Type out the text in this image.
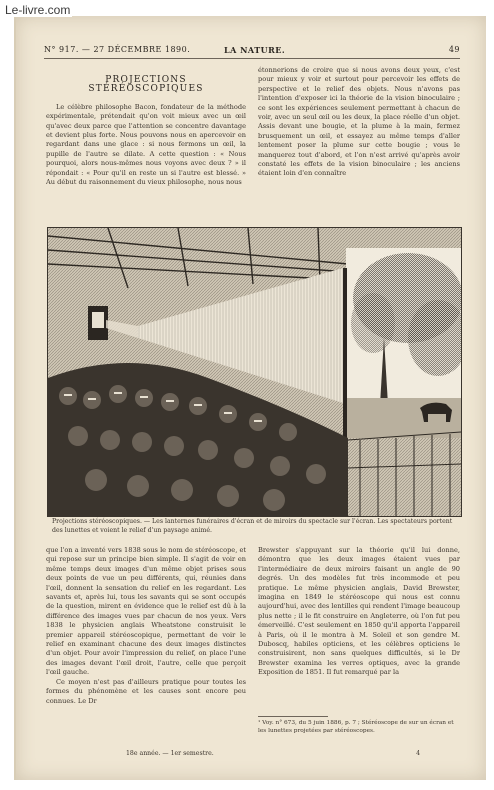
Le-livre.com
N° 917. — 27 DÉCEMBRE 1890.	LA NATURE.	49
PROJECTIONS STÉRÉOSCOPIQUES

Le célèbre philosophe Bacon, fondateur de la méthode expérimentale, prétendait qu'on voit mieux avec un œil qu'avec deux parce que l'attention se concentre davantage et devient plus forte. Nous pouvons nous en apercevoir en regardant dans une glace : si nous fermons un œil, la pupille de l'autre se dilate. A cette question : « Nous pourquoi, alors nous-mêmes nous voyons avec deux ? » il répondait : « Pour qu'il en reste un si l'autre est blessé. » Au début du raisonnement du vieux philosophe, nous nous

étonnerions de croire que si nous avons deux yeux, c'est pour mieux y voir et surtout pour percevoir les effets de perspective et le relief des objets. Nous n'avons pas l'intention d'exposer ici la théorie de la vision binoculaire ; ce sont les expériences seulement permettant à chacun de voir, avec un seul œil ou les deux, la place réelle d'un objet. Assis devant une bougie, et la plume à la main, fermez brusquement un œil, et essayez au même temps d'aller lentement poser la plume sur cette bougie ; vous le manquerez tout d'abord, et l'on n'est arrivé qu'après avoir constaté les effets de la vision binoculaire ; les anciens étaient loin d'en connaître

Projections stéréoscopiques. — Les lanternes funéraires d'écran et de miroirs du spectacle sur l'écran. Les spectateurs portent des lunettes et voient le relief d'un paysage animé.

que l'on a inventé vers 1838 sous le nom de stéréoscope, et qui repose sur un principe bien simple. Il s'agit de voir en même temps deux images d'un même objet prises sous deux points de vue un peu différents, qui, réunies dans l'œil, donnent la sensation du relief en les regardant. Les savants et, après lui, tous les savants qui se sont occupés de la question, mirent en évidence que le relief est dû à la différence des images vues par chacun de nos yeux. Vers 1838 le physicien anglais Wheatstone construisit le premier appareil stéréoscopique, permettant de voir le relief en examinant chacune des deux images distinctes d'un objet. Pour avoir l'impression du relief, on place l'une des images devant l'œil droit, l'autre, celle que perçoit l'œil gauche.

Ce moyen n'est pas d'ailleurs pratique pour toutes les formes du phénomène et les causes sont encore peu connues. Le Dr

Brewster s'appuyant sur la théorie qu'il lui donne, démontra que les deux images étaient vues par l'intermédiaire de deux miroirs faisant un angle de 90 degrés. Un des modèles fut très incommode et peu pratique. Le même physicien anglais, David Brewster, imagina en 1849 le stéréoscope qui nous est connu aujourd'hui, avec des lentilles qui rendent l'image beaucoup plus nette ; il le fit construire en Angleterre, où l'on fut peu émerveillé. C'est seulement en 1850 qu'il apporta l'appareil à Paris, où il le montra à M. Soleil et son gendre M. Duboscq, habiles opticiens, et les célèbres opticiens le construisirent, non sans quelques difficultés, si le Dr Brewster examina les verres optiques, avec la grande Exposition de 1851. Il fut remarqué par la

¹ Voy. n° 673, du 5 juin 1886, p. 7 ; Stéréoscope de sur un écran et les lunettes projetées par stéréoscopes.
18e année. — 1er semestre.	4
